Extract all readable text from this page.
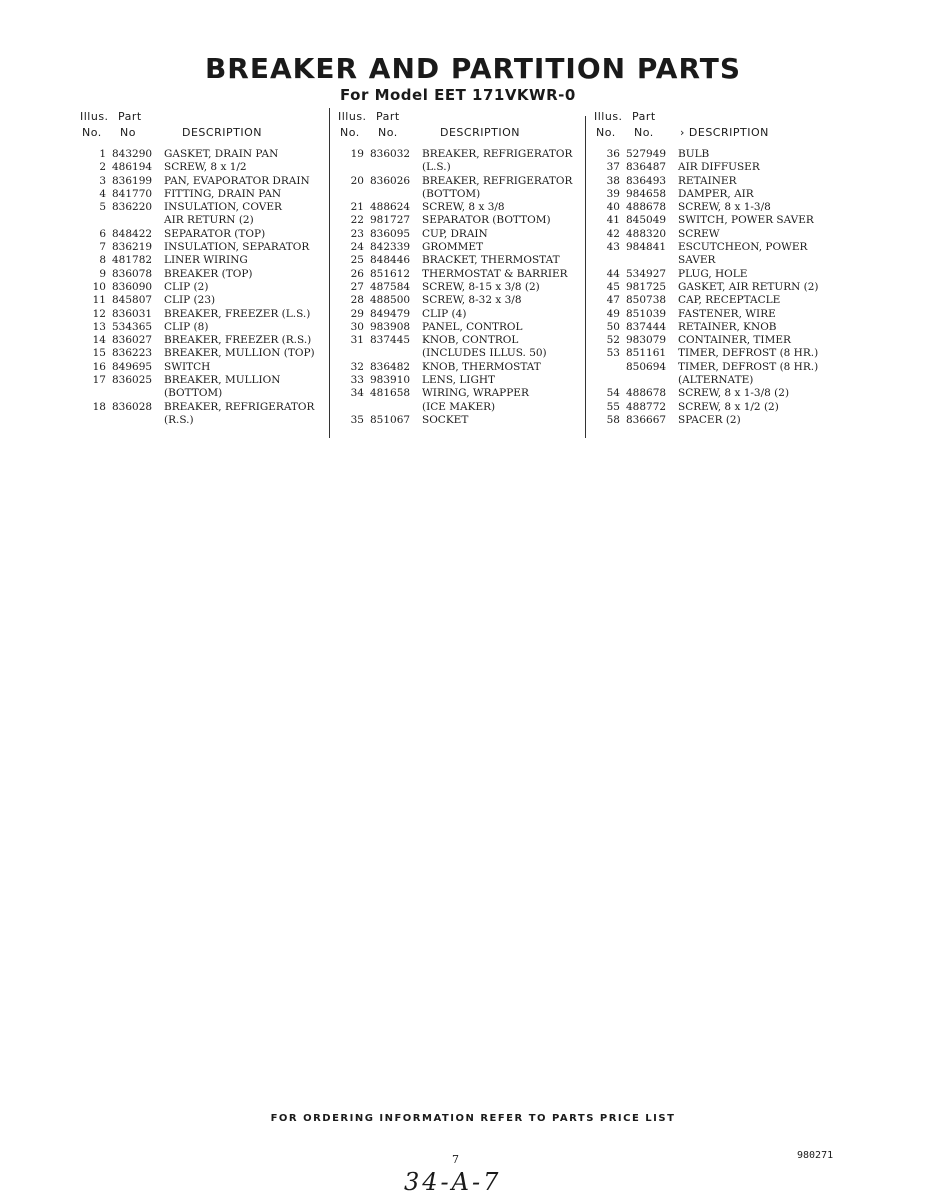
BREAKER AND PARTITION PARTS
For Model EET 171VKWR-0
Illus. Part
No. No	DESCRIPTION
1	843290	GASKET, DRAIN PAN
2	486194	SCREW, 8 x 1/2
3	836199	PAN, EVAPORATOR DRAIN
4	841770	FITTING, DRAIN PAN
5	836220	INSULATION, COVER
		AIR RETURN (2)
6	848422	SEPARATOR (TOP)
7	836219	INSULATION, SEPARATOR
8	481782	LINER WIRING
9	836078	BREAKER (TOP)
10	836090	CLIP (2)
11	845807	CLIP (23)
12	836031	BREAKER, FREEZER (L.S.)
13	534365	CLIP (8)
14	836027	BREAKER, FREEZER (R.S.)
15	836223	BREAKER, MULLION (TOP)
16	849695	SWITCH
17	836025	BREAKER, MULLION
		(BOTTOM)
18	836028	BREAKER, REFRIGERATOR
		(R.S.)
Illus. Part
No. No.	DESCRIPTION
19	836032	BREAKER, REFRIGERATOR
		(L.S.)
20	836026	BREAKER, REFRIGERATOR
		(BOTTOM)
21	488624	SCREW, 8 x 3/8
22	981727	SEPARATOR (BOTTOM)
23	836095	CUP, DRAIN
24	842339	GROMMET
25	848446	BRACKET, THERMOSTAT
26	851612	THERMOSTAT & BARRIER
27	487584	SCREW, 8-15 x 3/8 (2)
28	488500	SCREW, 8-32 x 3/8
29	849479	CLIP (4)
30	983908	PANEL, CONTROL
31	837445	KNOB, CONTROL
		(INCLUDES ILLUS. 50)
32	836482	KNOB, THERMOSTAT
33	983910	LENS, LIGHT
34	481658	WIRING, WRAPPER
		(ICE MAKER)
35	851067	SOCKET
Illus. Part
No. No. › DESCRIPTION
36	527949	BULB
37	836487	AIR DIFFUSER
38	836493	RETAINER
39	984658	DAMPER, AIR
40	488678	SCREW, 8 x 1-3/8
41	845049	SWITCH, POWER SAVER
42	488320	SCREW
43	984841	ESCUTCHEON, POWER
		SAVER
44	534927	PLUG, HOLE
45	981725	GASKET, AIR RETURN (2)
47	850738	CAP, RECEPTACLE
49	851039	FASTENER, WIRE
50	837444	RETAINER, KNOB
52	983079	CONTAINER, TIMER
53	851161	TIMER, DEFROST (8 HR.)
	850694	TIMER, DEFROST (8 HR.)
		(ALTERNATE)
54	488678	SCREW, 8 x 1-3/8 (2)
55	488772	SCREW, 8 x 1/2 (2)
58	836667	SPACER (2)
FOR ORDERING INFORMATION REFER TO PARTS PRICE LIST
7	980271
34-A-7
